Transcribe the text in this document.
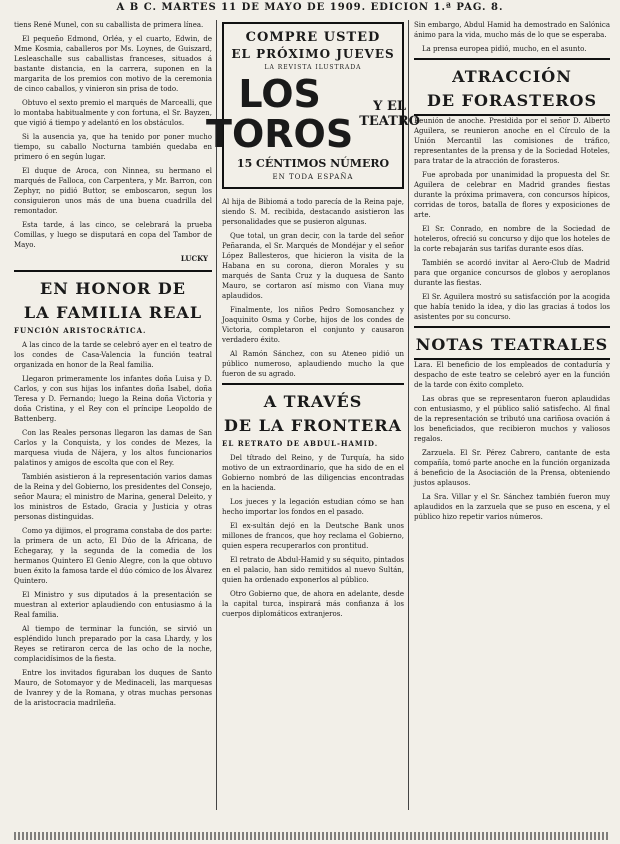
A B C. MARTES 11 DE MAYO DE 1909. EDICION 1.ª PAG. 8.

tiens René Munel, con su caballista de primera línea.

El pequeño Edmond, Orléa, y el cuarto, Edwin, de Mme Kosmia, caballeros por Ms. Loynes, de Guiszard, Lesleaschalle sus caballistas franceses, situados á bastante distancia, en la carrera, suponen en la margarita de los premios con motivo de la ceremonia de cinco caballos, y vinieron sin prisa de todo.

Obtuvo el sexto premio el marqués de Marcealli, que lo montaba habitualmente y con fortuna, el Sr. Bayzen, que vigió á tiempo y adelantó en los obstáculos.

Si la ausencia ya, que ha tenido por poner mucho tiempo, su caballo Nocturna también quedaba en primero ó en según lugar.

El duque de Aroca, con Ninnea, su hermano el marqués de Falloca, con Carpentera, y Mr. Barron, con Zephyr, no pidió Buttor, se emboscaron, segun los consiguieron unos más de una buena cuadrilla del remontador.

Esta tarde, á las cinco, se celebrará la prueba Comillas, y luego se disputará en copa del Tambor de Mayo.

LUCKY
EN HONOR DE
LA FAMILIA REAL

FUNCIÓN ARISTOCRÁTICA.

A las cinco de la tarde se celebró ayer en el teatro de los condes de Casa-Valencia la función teatral organizada en honor de la Real familia.

Llegaron primeramente los infantes doña Luisa y D. Carlos, y con sus hijas los infantes doña Isabel, doña Teresa y D. Fernando; luego la Reina doña Victoria y doña Cristina, y el Rey con el príncipe Leopoldo de Battenberg.

Con las Reales personas llegaron las damas de San Carlos y la Conquista, y los condes de Mezes, la marquesa viuda de Nájera, y los altos funcionarios palatinos y amigos de escolta que con el Rey.

También asistieron á la representación varios damas de la Reina y del Gobierno, los presidentes del Consejo, señor Maura; el ministro de Marina, general Deleito, y los ministros de Estado, Gracia y Justicia y otras personas distinguidas.

Como ya dijimos, el programa constaba de dos parte: la primera de un acto, El Dúo de la Africana, de Echegaray, y la segunda de la comedia de los hermanos Quintero El Genio Alegre, con la que obtuvo buen éxito la famosa tarde el dúo cómico de los Álvarez Quintero.

El Ministro y sus diputados á la presentación se muestran al exterior aplaudiendo con entusiasmo á la Real familia.

Al tiempo de terminar la función, se sirvió un espléndido lunch preparado por la casa Lhardy, y los Reyes se retiraron cerca de las ocho de la noche, complacidísimos de la fiesta.

Entre los invitados figuraban los duques de Santo Mauro, de Sotomayor y de Medinaceli, las marquesas de Ivanrey y de la Romana, y otras muchas personas de la aristocracia madrileña.

COMPRE USTED
EL PRÓXIMO JUEVES
LA REVISTA ILUSTRADA
LOS TOROS
Y EL
TEATRO
15 CÉNTIMOS NÚMERO
EN TODA ESPAÑA

Al hija de Bibiomá a todo parecía de la Reina paje, siendo S. M. recibida, destacando asistieron las personalidades que se pusieron algunas.

Que total, un gran decir, con la tarde del señor Peñaranda, el Sr. Marqués de Mondéjar y el señor López Ballesteros, que hicieron la visita de la Habana en su corona, dieron Morales y su marqués de Santa Cruz y la duquesa de Santo Mauro, se cortaron así mismo con Viana muy aplaudidos.

Finalmente, los niños Pedro Somosanchez y Joaquinito Osma y Corbe, hijos de los condes de Victoria, completaron el conjunto y causaron verdadero éxito.

Al Ramón Sánchez, con su Ateneo pidió un público numeroso, aplaudiendo mucho la que fueron de su agrado.

A TRAVÉS
DE LA FRONTERA

EL RETRATO DE ABDUL-HAMID.

Del títrado del Reino, y de Turquía, ha sido motivo de un extraordinario, que ha sido de en el Gobierno nombró de las diligencias encontradas en la hacienda.

Los jueces y la legación estudian cómo se han hecho importar los fondos en el pasado.

El ex-sultán dejó en la Deutsche Bank unos millones de francos, que hoy reclama el Gobierno, quien espera recuperarlos con prontitud.

El retrato de Abdul-Hamid y su séquito, pintados en el palacio, han sido remitidos al nuevo Sultán, quien ha ordenado exponerlos al público.

Otro Gobierno que, de ahora en adelante, desde la capital turca, inspirará más confianza á los cuerpos diplomáticos extranjeros.

Sin embargo, Abdul Hamid ha demostrado en Salónica ánimo para la vida, mucho más de lo que se esperaba.

La prensa europea pidió, mucho, en el asunto.

ATRACCIÓN
DE FORASTEROS

Reunión de anoche. Presidida por el señor D. Alberto Aguilera, se reunieron anoche en el Círculo de la Unión Mercantil las comisiones de tráfico, representantes de la prensa y de la Sociedad Hoteles, para tratar de la atracción de forasteros.

Fue aprobada por unanimidad la propuesta del Sr. Aguilera de celebrar en Madrid grandes fiestas durante la próxima primavera, con concursos hípicos, corridas de toros, batalla de flores y exposiciones de arte.

El Sr. Conrado, en nombre de la Sociedad de hoteleros, ofreció su concurso y dijo que los hoteles de la corte rebajarán sus tarifas durante esos días.

También se acordó invitar al Aero-Club de Madrid para que organice concursos de globos y aeroplanos durante las fiestas.

El Sr. Aguilera mostró su satisfacción por la acogida que había tenido la idea, y dio las gracias á todos los asistentes por su concurso.

NOTAS TEATRALES

Lara. El beneficio de los empleados de contaduría y despacho de este teatro se celebró ayer en la función de la tarde con éxito completo.

Las obras que se representaron fueron aplaudidas con entusiasmo, y el público salió satisfecho. Al final de la representación se tributó una cariñosa ovación á los beneficiados, que recibieron muchos y valiosos regalos.

Zarzuela. El Sr. Pérez Cabrero, cantante de esta compañía, tomó parte anoche en la función organizada á beneficio de la Asociación de la Prensa, obteniendo justos aplausos.

La Sra. Villar y el Sr. Sánchez también fueron muy aplaudidos en la zarzuela que se puso en escena, y el público hizo repetir varios números.
